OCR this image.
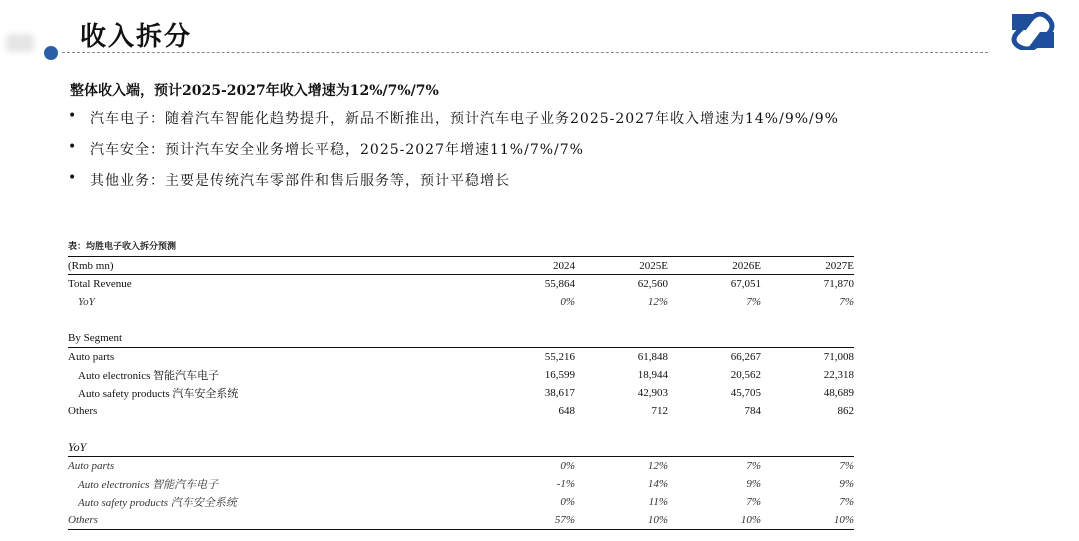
收入拆分
整体收入端，预计2025-2027年收入增速为12%/7%/7%
• 汽车电子：随着汽车智能化趋势提升，新品不断推出，预计汽车电子业务2025-2027年收入增速为14%/9%/9%
• 汽车安全：预计汽车安全业务增长平稳，2025-2027年增速11%/7%/7%
• 其他业务：主要是传统汽车零部件和售后服务等，预计平稳增长
表：均胜电子收入拆分预测
(Rmb mn)	2024	2025E	2026E	2027E
Total Revenue	55,864	62,560	67,051	71,870
YoY	0%	12%	7%	7%

By Segment				
Auto parts	55,216	61,848	66,267	71,008
Auto electronics 智能汽车电子	16,599	18,944	20,562	22,318
Auto safety products 汽车安全系统	38,617	42,903	45,705	48,689
Others	648	712	784	862

YoY				
Auto parts	0%	12%	7%	7%
Auto electronics 智能汽车电子	-1%	14%	9%	9%
Auto safety products 汽车安全系统	0%	11%	7%	7%
Others	57%	10%	10%	10%
